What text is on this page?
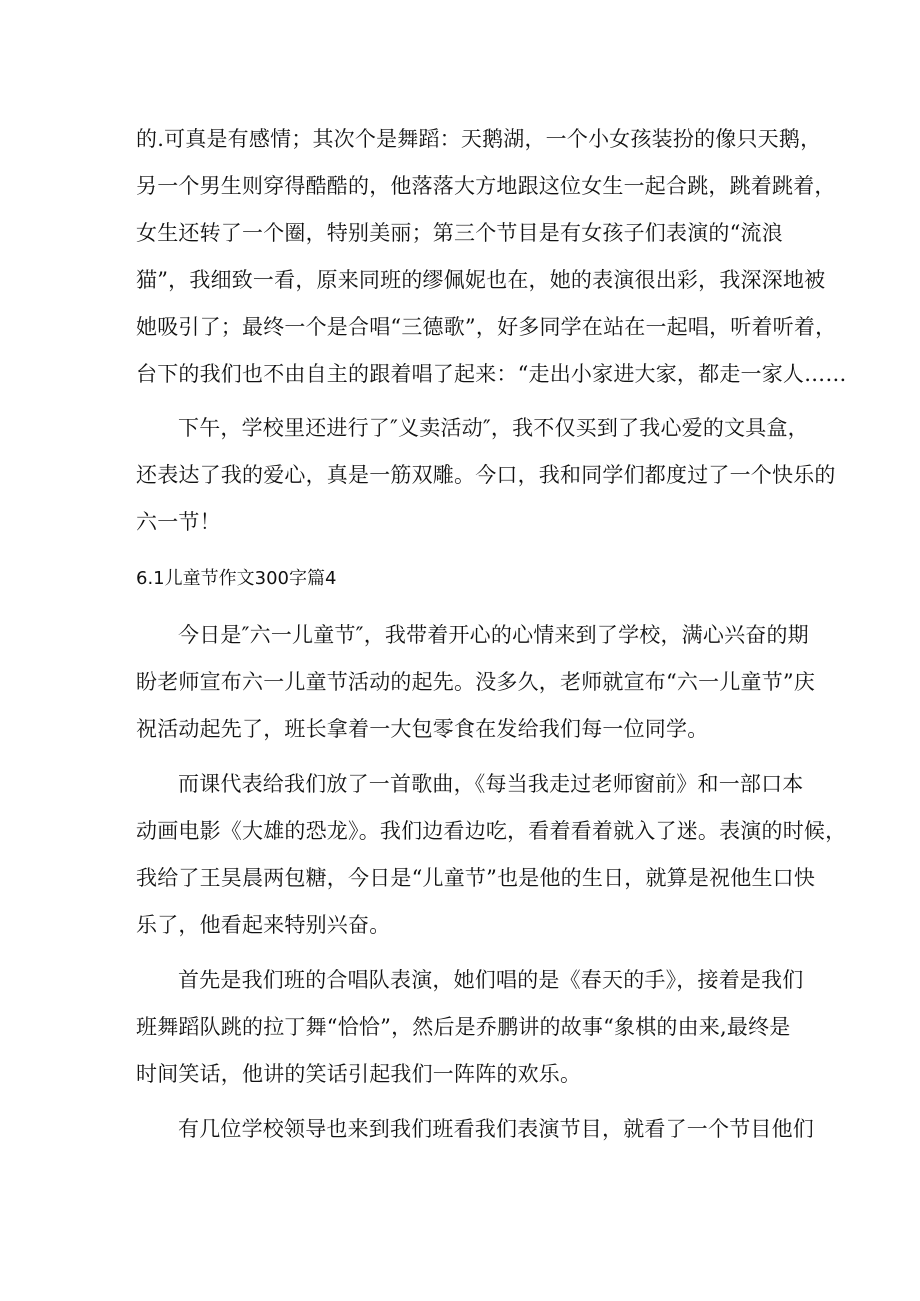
的.可真是有感情；其次个是舞蹈：天鹅湖，一个小女孩装扮的像只天鹅，
另一个男生则穿得酷酷的，他落落大方地跟这位女生一起合跳，跳着跳着，
女生还转了一个圈，特别美丽；第三个节目是有女孩子们表演的“流浪
猫”，我细致一看，原来同班的缪佩妮也在，她的表演很出彩，我深深地被
她吸引了；最终一个是合唱“三德歌”，好多同学在站在一起唱，听着听着，
台下的我们也不由自主的跟着唱了起来：“走出小家进大家，都走一家人……
下午，学校里还进行了″义卖活动″，我不仅买到了我心爱的文具盒，
还表达了我的爱心，真是一筋双雕。今口，我和同学们都度过了一个快乐的
六一节！
6.1儿童节作文300字篇4
今日是″六一儿童节″，我带着开心的心情来到了学校，满心兴奋的期
盼老师宣布六一儿童节活动的起先。没多久，老师就宣布“六一儿童节”庆
祝活动起先了，班长拿着一大包零食在发给我们每一位同学。
而课代表给我们放了一首歌曲，《每当我走过老师窗前》和一部口本
动画电影《大雄的恐龙》。我们边看边吃，看着看着就入了迷。表演的时候，
我给了王昊晨两包糖，今日是“儿童节”也是他的生日，就算是祝他生口快
乐了，他看起来特别兴奋。
首先是我们班的合唱队表演，她们唱的是《春天的手》，接着是我们
班舞蹈队跳的拉丁舞“恰恰”，然后是乔鹏讲的故事“象棋的由来,最终是
时间笑话，他讲的笑话引起我们一阵阵的欢乐。
有几位学校领导也来到我们班看我们表演节目，就看了一个节目他们
